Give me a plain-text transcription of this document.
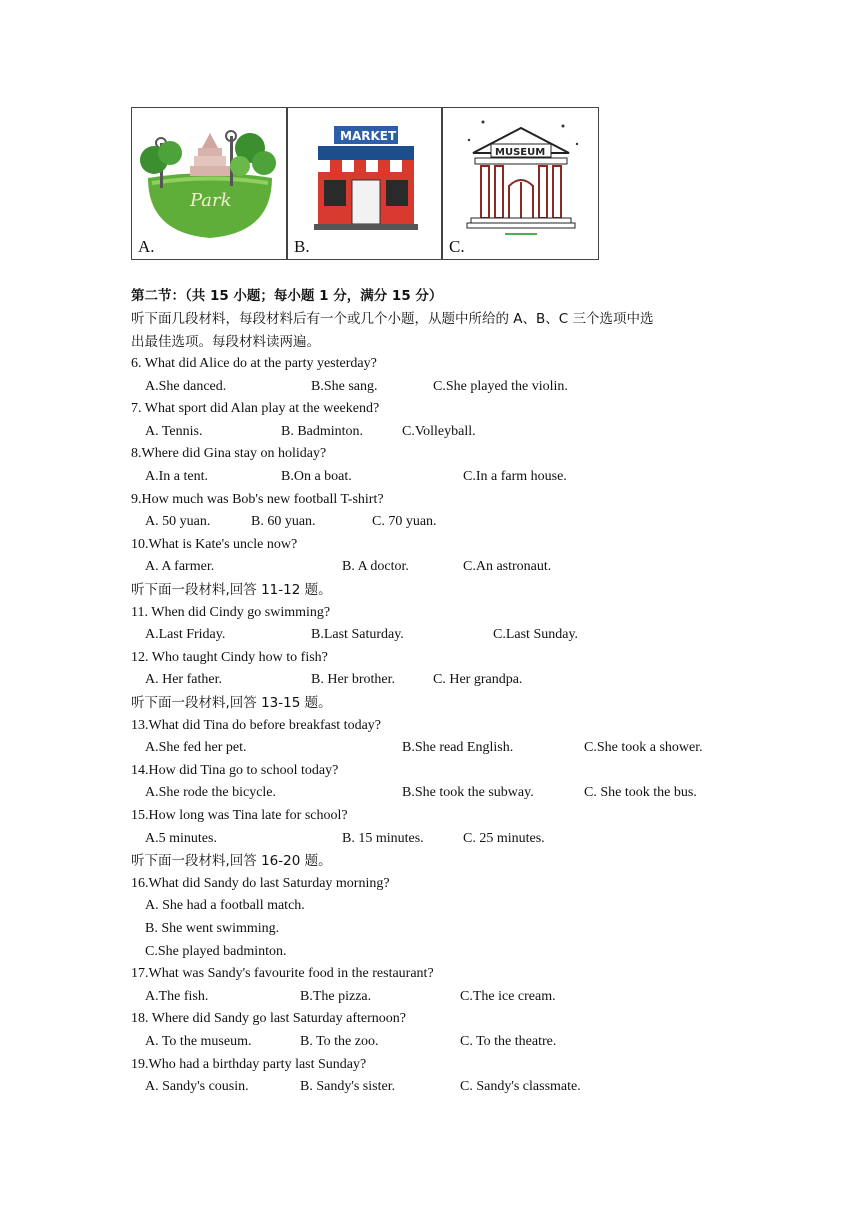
Park
A.
MARKET
B.
MUSEUM
C.
第二节：（共 15 小题；每小题 1 分，满分 15 分）
听下面几段材料，每段材料后有一个或几个小题，从题中所给的 A、B、C 三个选项中选
出最佳选项。每段材料读两遍。
6. What did Alice do at the party yesterday?
A.She danced.	B.She sang.	C.She played the violin.
7. What sport did Alan play at the weekend?
A. Tennis.	B. Badminton.	C.Volleyball.
8.Where did Gina stay on holiday?
A.In a tent.	B.On a boat.	C.In a farm house.
9.How much was Bob's new football T-shirt?
A. 50 yuan.	B. 60 yuan.	C. 70 yuan.
10.What is Kate's uncle now?
A. A farmer.	B. A doctor.	C.An astronaut.
听下面一段材料,回答 11-12 题。
11. When did Cindy go swimming?
A.Last Friday.	B.Last Saturday.	C.Last Sunday.
12. Who taught Cindy how to fish?
A. Her father.	B. Her brother.	C. Her grandpa.
听下面一段材料,回答 13-15 题。
13.What did Tina do before breakfast today?
A.She fed her pet.	B.She read English.	C.She took a shower.
14.How did Tina go to school today?
A.She rode the bicycle.	B.She took the subway.	C. She took the bus.
15.How long was Tina late for school?
A.5 minutes.	B. 15 minutes.	C. 25 minutes.
听下面一段材料,回答 16-20 题。
16.What did Sandy do last Saturday morning?
A. She had a football match.
B. She went swimming.
C.She played badminton.
17.What was Sandy's favourite food in the restaurant?
A.The fish.	B.The pizza.	C.The ice cream.
18. Where did Sandy go last Saturday afternoon?
A. To the museum.	B. To the zoo.	C. To the theatre.
19.Who had a birthday party last Sunday?
A. Sandy's cousin.	B. Sandy's sister.	C. Sandy's classmate.
